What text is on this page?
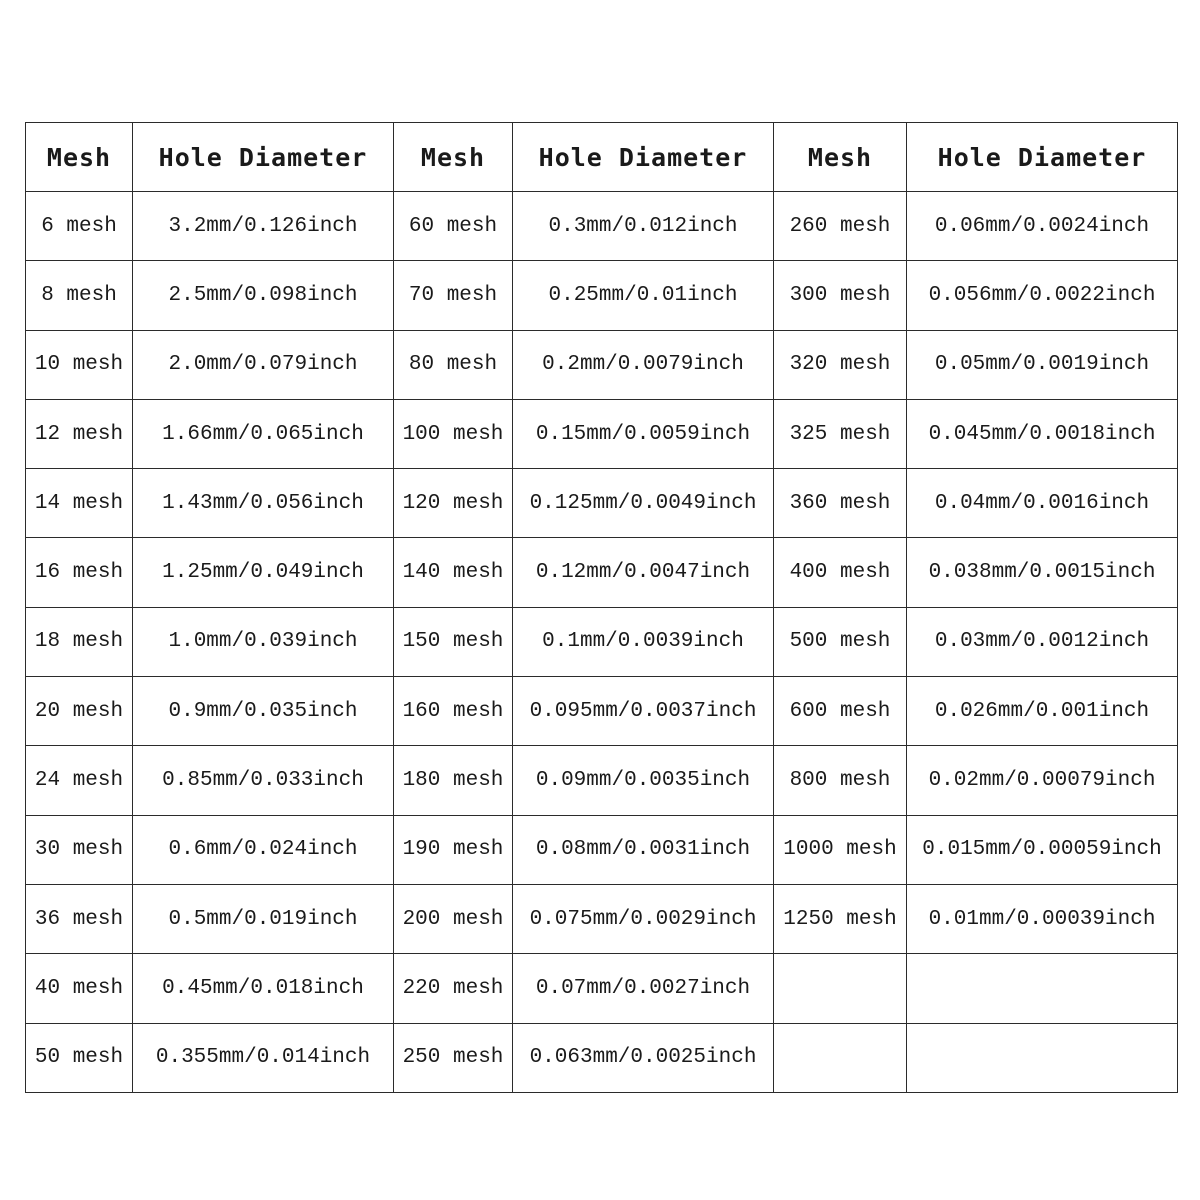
Mesh	Hole Diameter	Mesh	Hole Diameter	Mesh	Hole Diameter
6 mesh	3.2mm/0.126inch	60 mesh	0.3mm/0.012inch	260 mesh	0.06mm/0.0024inch
8 mesh	2.5mm/0.098inch	70 mesh	0.25mm/0.01inch	300 mesh	0.056mm/0.0022inch
10 mesh	2.0mm/0.079inch	80 mesh	0.2mm/0.0079inch	320 mesh	0.05mm/0.0019inch
12 mesh	1.66mm/0.065inch	100 mesh	0.15mm/0.0059inch	325 mesh	0.045mm/0.0018inch
14 mesh	1.43mm/0.056inch	120 mesh	0.125mm/0.0049inch	360 mesh	0.04mm/0.0016inch
16 mesh	1.25mm/0.049inch	140 mesh	0.12mm/0.0047inch	400 mesh	0.038mm/0.0015inch
18 mesh	1.0mm/0.039inch	150 mesh	0.1mm/0.0039inch	500 mesh	0.03mm/0.0012inch
20 mesh	0.9mm/0.035inch	160 mesh	0.095mm/0.0037inch	600 mesh	0.026mm/0.001inch
24 mesh	0.85mm/0.033inch	180 mesh	0.09mm/0.0035inch	800 mesh	0.02mm/0.00079inch
30 mesh	0.6mm/0.024inch	190 mesh	0.08mm/0.0031inch	1000 mesh	0.015mm/0.00059inch
36 mesh	0.5mm/0.019inch	200 mesh	0.075mm/0.0029inch	1250 mesh	0.01mm/0.00039inch
40 mesh	0.45mm/0.018inch	220 mesh	0.07mm/0.0027inch		
50 mesh	0.355mm/0.014inch	250 mesh	0.063mm/0.0025inch		
